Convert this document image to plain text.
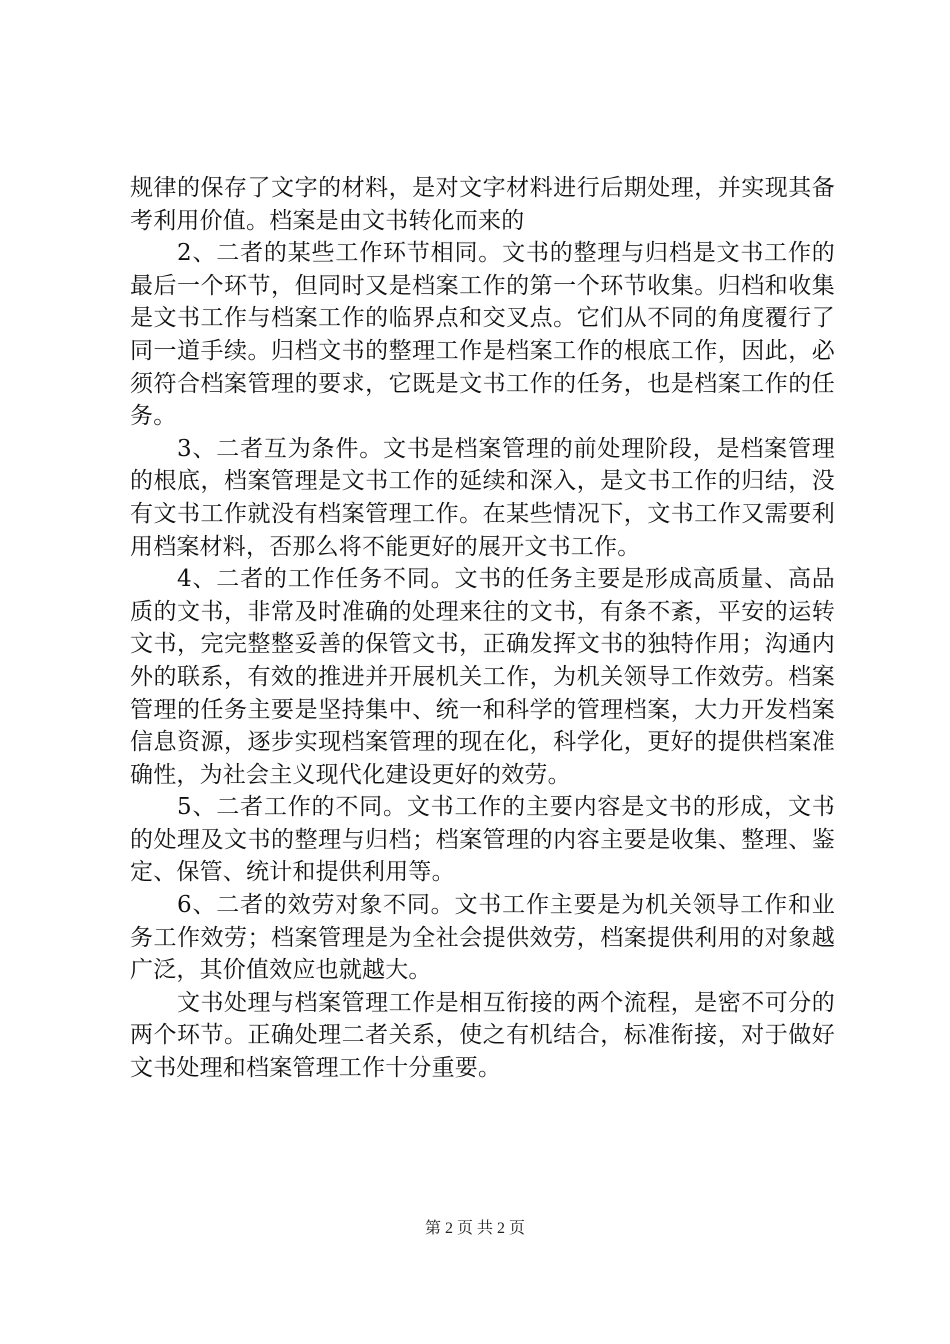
规律的保存了文字的材料，是对文字材料进行后期处理，并实现其备考利用价值。档案是由文书转化而来的

2、二者的某些工作环节相同。文书的整理与归档是文书工作的最后一个环节，但同时又是档案工作的第一个环节收集。归档和收集是文书工作与档案工作的临界点和交叉点。它们从不同的角度覆行了同一道手续。归档文书的整理工作是档案工作的根底工作，因此，必须符合档案管理的要求，它既是文书工作的任务，也是档案工作的任务。

3、二者互为条件。文书是档案管理的前处理阶段，是档案管理的根底，档案管理是文书工作的延续和深入，是文书工作的归结，没有文书工作就没有档案管理工作。在某些情况下，文书工作又需要利用档案材料，否那么将不能更好的展开文书工作。

4、二者的工作任务不同。文书的任务主要是形成高质量、高品质的文书，非常及时准确的处理来往的文书，有条不紊，平安的运转文书，完完整整妥善的保管文书，正确发挥文书的独特作用；沟通内外的联系，有效的推进并开展机关工作，为机关领导工作效劳。档案管理的任务主要是坚持集中、统一和科学的管理档案，大力开发档案信息资源，逐步实现档案管理的现在化，科学化，更好的提供档案准确性，为社会主义现代化建设更好的效劳。

5、二者工作的不同。文书工作的主要内容是文书的形成，文书的处理及文书的整理与归档；档案管理的内容主要是收集、整理、鉴定、保管、统计和提供利用等。

6、二者的效劳对象不同。文书工作主要是为机关领导工作和业务工作效劳；档案管理是为全社会提供效劳，档案提供利用的对象越广泛，其价值效应也就越大。

文书处理与档案管理工作是相互衔接的两个流程，是密不可分的两个环节。正确处理二者关系，使之有机结合，标准衔接，对于做好文书处理和档案管理工作十分重要。

第 2 页 共 2 页
